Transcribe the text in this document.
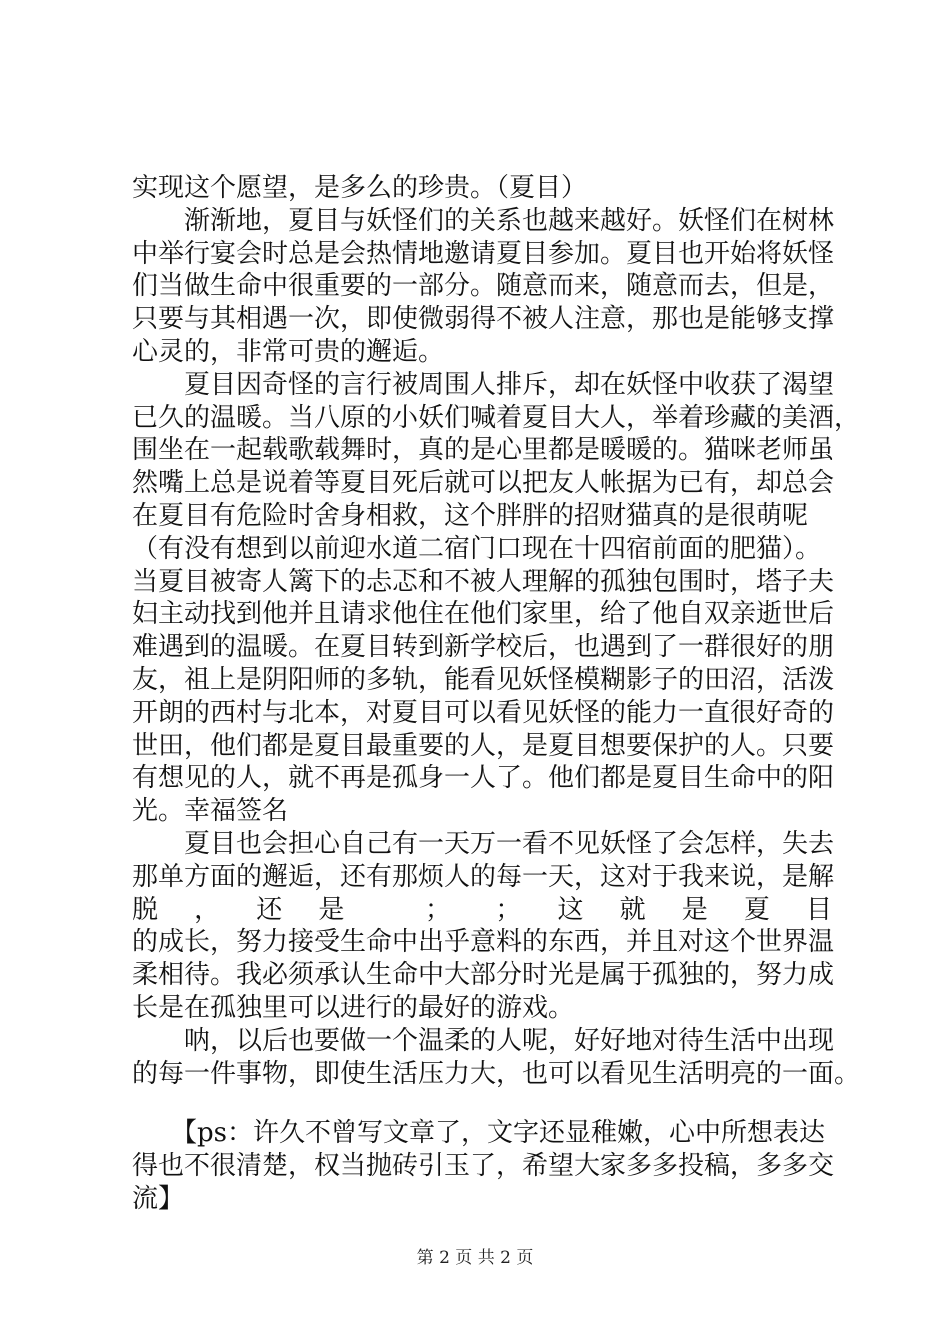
实现这个愿望，是多么的珍贵。（夏目）
　　渐渐地，夏目与妖怪们的关系也越来越好。妖怪们在树林
中举行宴会时总是会热情地邀请夏目参加。夏目也开始将妖怪
们当做生命中很重要的一部分。随意而来，随意而去，但是，
只要与其相遇一次，即使微弱得不被人注意，那也是能够支撑
心灵的，非常可贵的邂逅。
　　夏目因奇怪的言行被周围人排斥，却在妖怪中收获了渴望
已久的温暖。当八原的小妖们喊着夏目大人，举着珍藏的美酒，
围坐在一起载歌载舞时，真的是心里都是暖暖的。猫咪老师虽
然嘴上总是说着等夏目死后就可以把友人帐据为已有，却总会
在夏目有危险时舍身相救，这个胖胖的招财猫真的是很萌呢
（有没有想到以前迎水道二宿门口现在十四宿前面的肥猫）。
当夏目被寄人篱下的忐忑和不被人理解的孤独包围时，塔子夫
妇主动找到他并且请求他住在他们家里，给了他自双亲逝世后
难遇到的温暖。在夏目转到新学校后，也遇到了一群很好的朋
友，祖上是阴阳师的多轨，能看见妖怪模糊影子的田沼，活泼
开朗的西村与北本，对夏目可以看见妖怪的能力一直很好奇的
世田，他们都是夏目最重要的人，是夏目想要保护的人。只要
有想见的人，就不再是孤身一人了。他们都是夏目生命中的阳
光。幸福签名
　　夏目也会担心自己有一天万一看不见妖怪了会怎样，失去
那单方面的邂逅，还有那烦人的每一天，这对于我来说，是解
脱，还是 ； ；这就是夏目
的成长，努力接受生命中出乎意料的东西，并且对这个世界温
柔相待。我必须承认生命中大部分时光是属于孤独的，努力成
长是在孤独里可以进行的最好的游戏。
　　呐，以后也要做一个温柔的人呢，好好地对待生活中出现
的每一件事物，即使生活压力大，也可以看见生活明亮的一面。
　　【ps：许久不曾写文章了，文字还显稚嫩，心中所想表达
得也不很清楚，权当抛砖引玉了，希望大家多多投稿，多多交
流】
第 2 页 共 2 页
